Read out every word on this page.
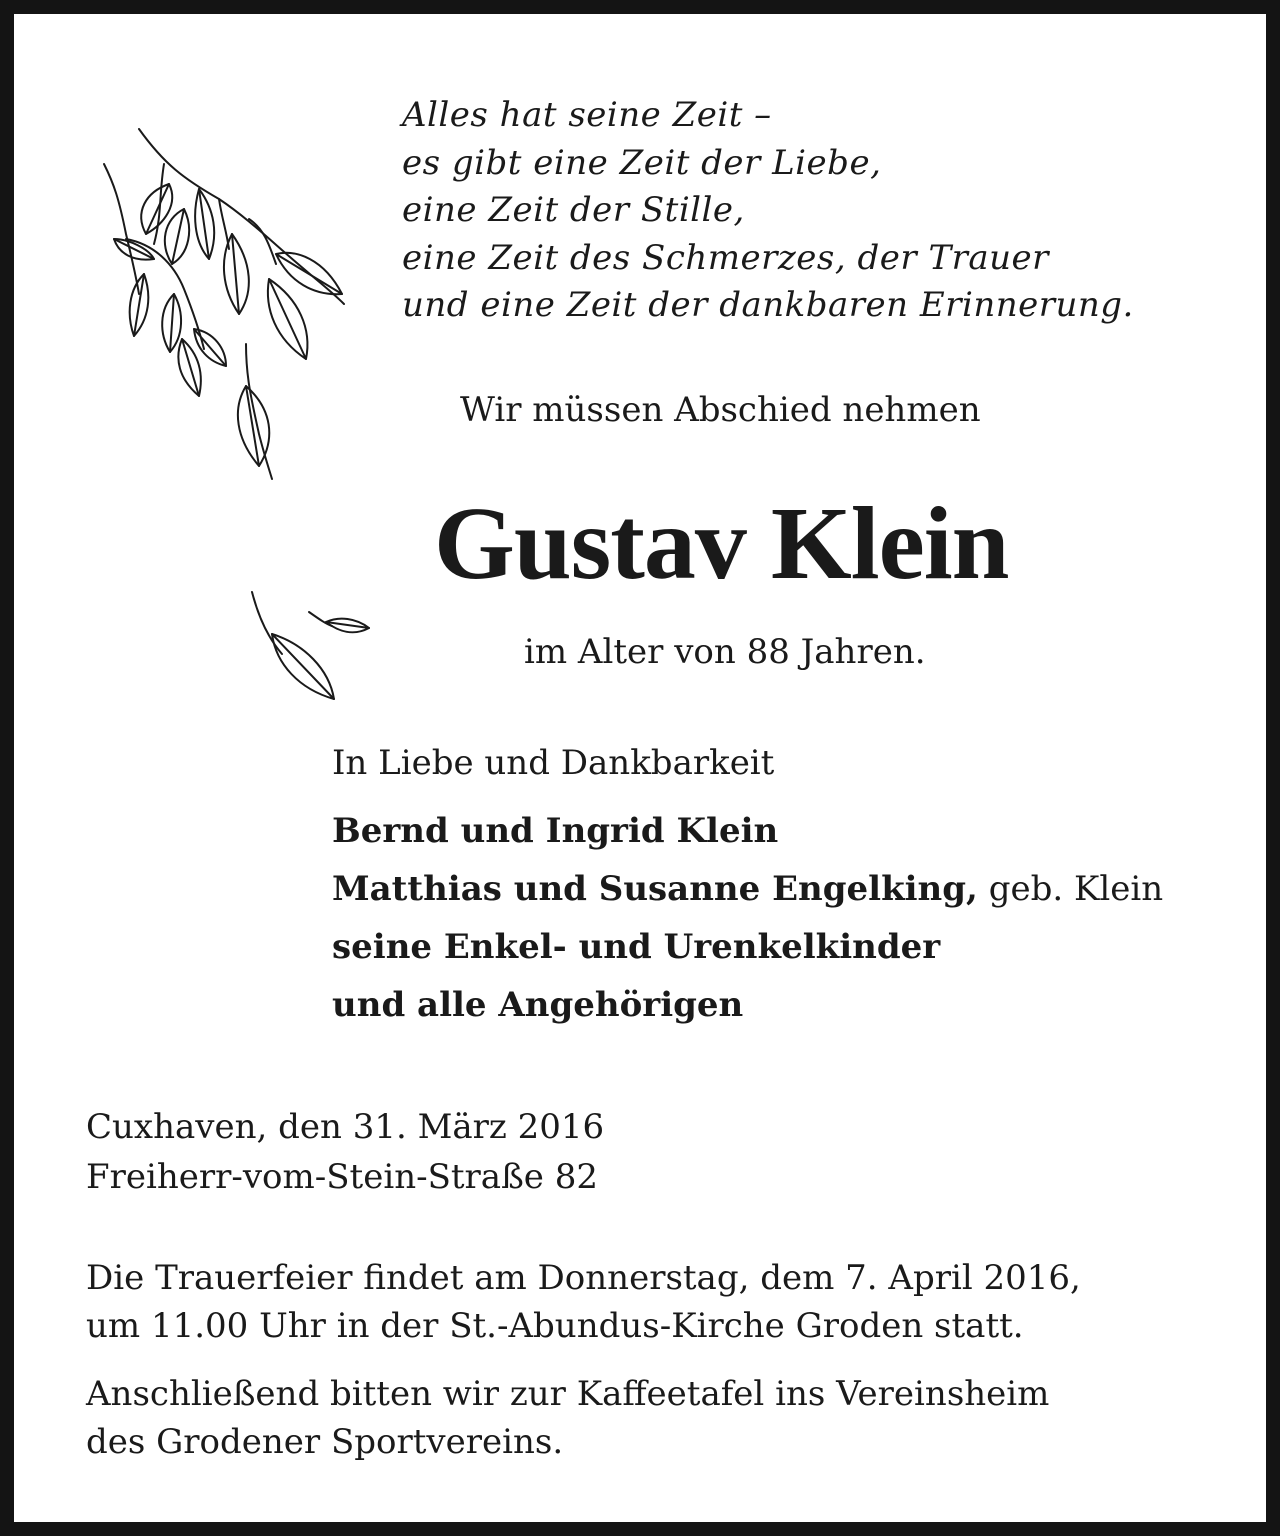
Alles hat seine Zeit –
es gibt eine Zeit der Liebe,
eine Zeit der Stille,
eine Zeit des Schmerzes, der Trauer
und eine Zeit der dankbaren Erinnerung.

Wir müssen Abschied nehmen

Gustav Klein

im Alter von 88 Jahren.

In Liebe und Dankbarkeit
Bernd und Ingrid Klein
Matthias und Susanne Engelking, geb. Klein
seine Enkel- und Urenkelkinder
und alle Angehörigen
Cuxhaven, den 31. März 2016
Freiherr-vom-Stein-Straße 82
Die Trauerfeier findet am Donnerstag, dem 7. April 2016,
um 11.00 Uhr in der St.-Abundus-Kirche Groden statt.
Anschließend bitten wir zur Kaffeetafel ins Vereinsheim
des Grodener Sportvereins.
